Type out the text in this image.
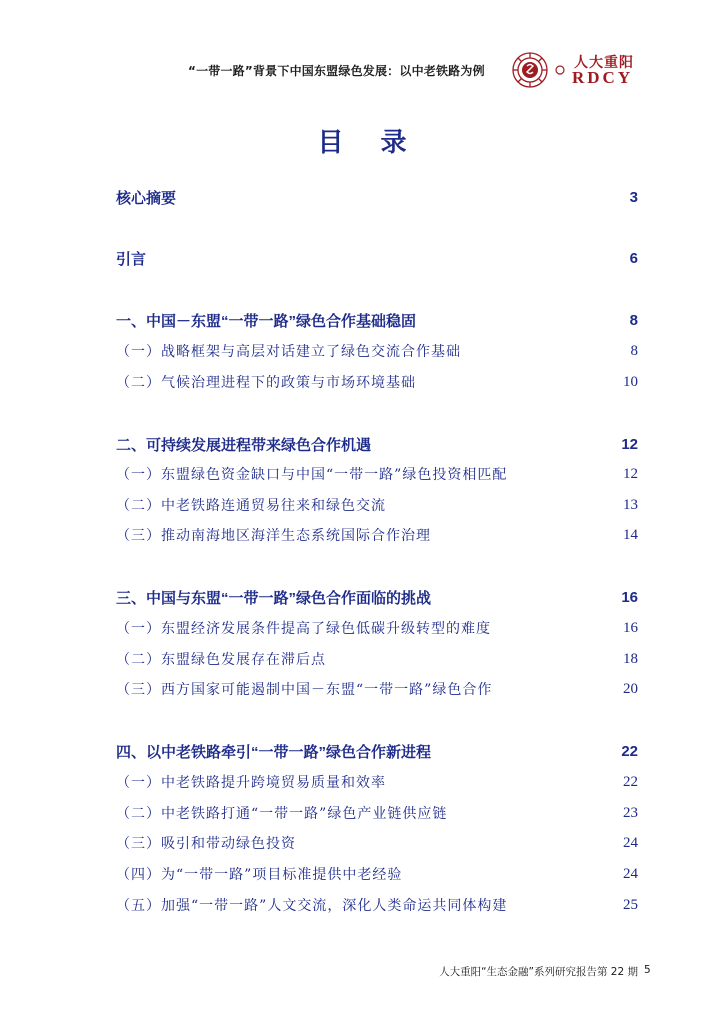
“一带一路”背景下中国东盟绿色发展：以中老铁路为例	人大重阳
RDCY
目 录
核心摘要	3
引言	6
一、中国－东盟“一带一路”绿色合作基础稳固	8
（一）战略框架与高层对话建立了绿色交流合作基础	8
（二）气候治理进程下的政策与市场环境基础	10
二、可持续发展进程带来绿色合作机遇	12
（一）东盟绿色资金缺口与中国“一带一路”绿色投资相匹配	12
（二）中老铁路连通贸易往来和绿色交流	13
（三）推动南海地区海洋生态系统国际合作治理	14
三、中国与东盟“一带一路”绿色合作面临的挑战	16
（一）东盟经济发展条件提高了绿色低碳升级转型的难度	16
（二）东盟绿色发展存在滞后点	18
（三）西方国家可能遏制中国－东盟“一带一路”绿色合作	20
四、以中老铁路牵引“一带一路”绿色合作新进程	22
（一）中老铁路提升跨境贸易质量和效率	22
（二）中老铁路打通“一带一路”绿色产业链供应链	23
（三）吸引和带动绿色投资	24
（四）为“一带一路”项目标准提供中老经验	24
（五）加强“一带一路”人文交流，深化人类命运共同体构建	25
人大重阳“生态金融”系列研究报告第 22 期 5
